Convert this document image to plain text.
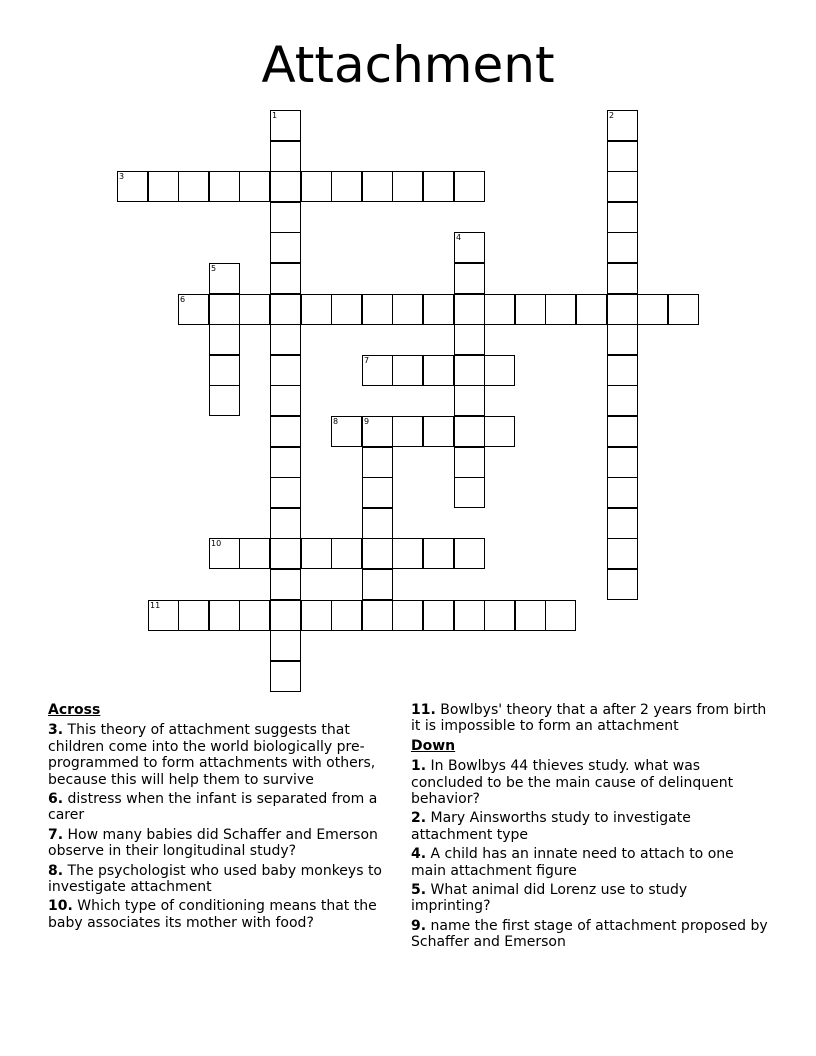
Attachment
1	2
3
4
5
6
7
8	9
10
11
Across
3. This theory of attachment suggests that children come into the world biologically pre-programmed to form attachments with others, because this will help them to survive
6. distress when the infant is separated from a carer
7. How many babies did Schaffer and Emerson observe in their longitudinal study?
8. The psychologist who used baby monkeys to investigate attachment
10. Which type of conditioning means that the baby associates its mother with food?
11. Bowlbys' theory that a after 2 years from birth it is impossible to form an attachment
Down
1. In Bowlbys 44 thieves study. what was concluded to be the main cause of delinquent behavior?
2. Mary Ainsworths study to investigate attachment type
4. A child has an innate need to attach to one main attachment figure
5. What animal did Lorenz use to study imprinting?
9. name the first stage of attachment proposed by Schaffer and Emerson
